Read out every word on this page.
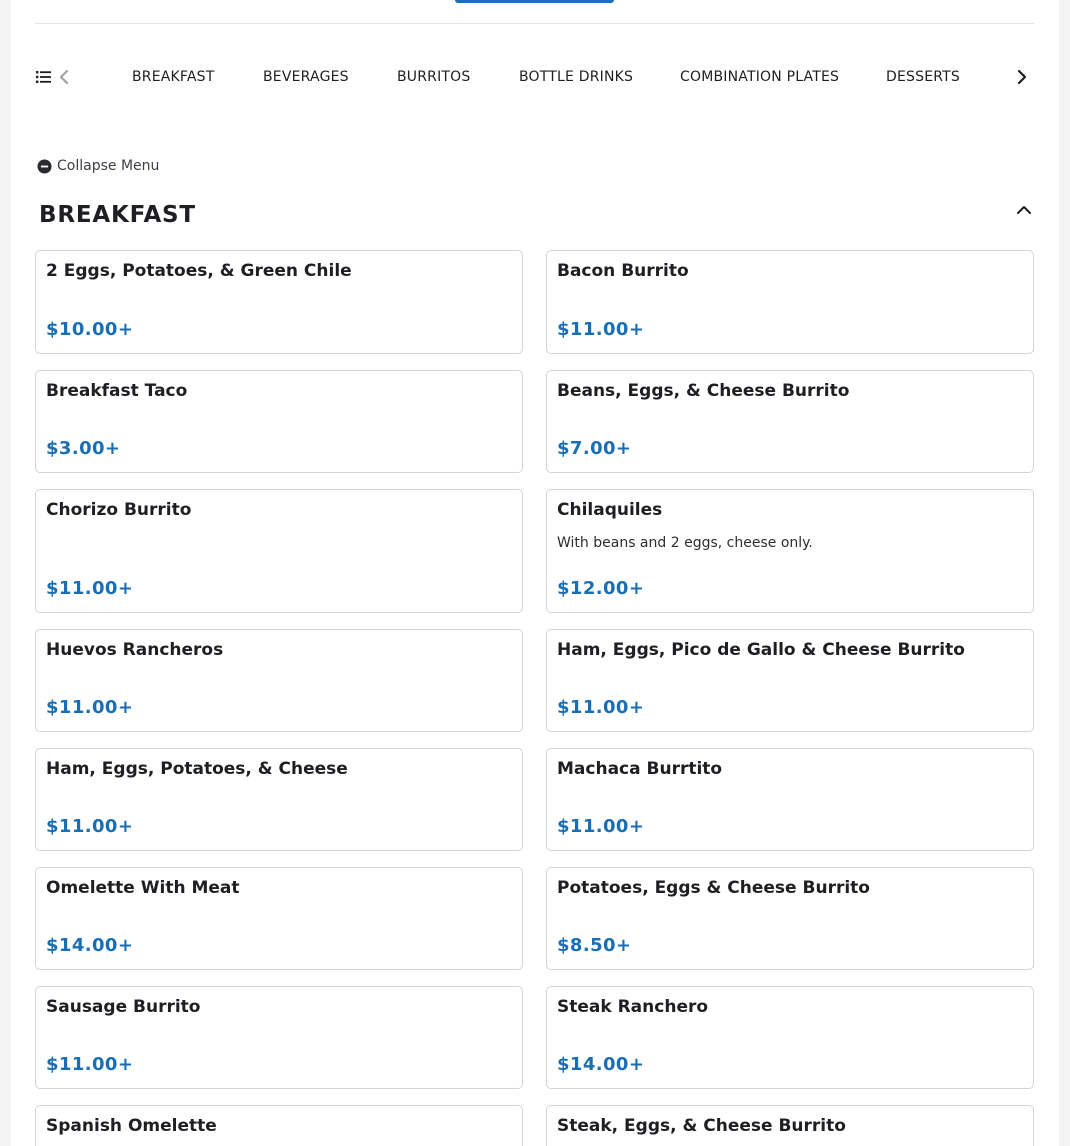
BREAKFAST	BEVERAGES	BURRITOS	BOTTLE DRINKS	COMBINATION PLATES	DESSERTS
Collapse Menu
BREAKFAST
2 Eggs, Potatoes, & Green Chile
$10.00+
Bacon Burrito
$11.00+
Breakfast Taco
$3.00+
Beans, Eggs, & Cheese Burrito
$7.00+
Chorizo Burrito
$11.00+
Chilaquiles
With beans and 2 eggs, cheese only.
$12.00+
Huevos Rancheros
$11.00+
Ham, Eggs, Pico de Gallo & Cheese Burrito
$11.00+
Ham, Eggs, Potatoes, & Cheese
$11.00+
Machaca Burrtito
$11.00+
Omelette With Meat
$14.00+
Potatoes, Eggs & Cheese Burrito
$8.50+
Sausage Burrito
$11.00+
Steak Ranchero
$14.00+
Spanish Omelette	Steak, Eggs, & Cheese Burrito
